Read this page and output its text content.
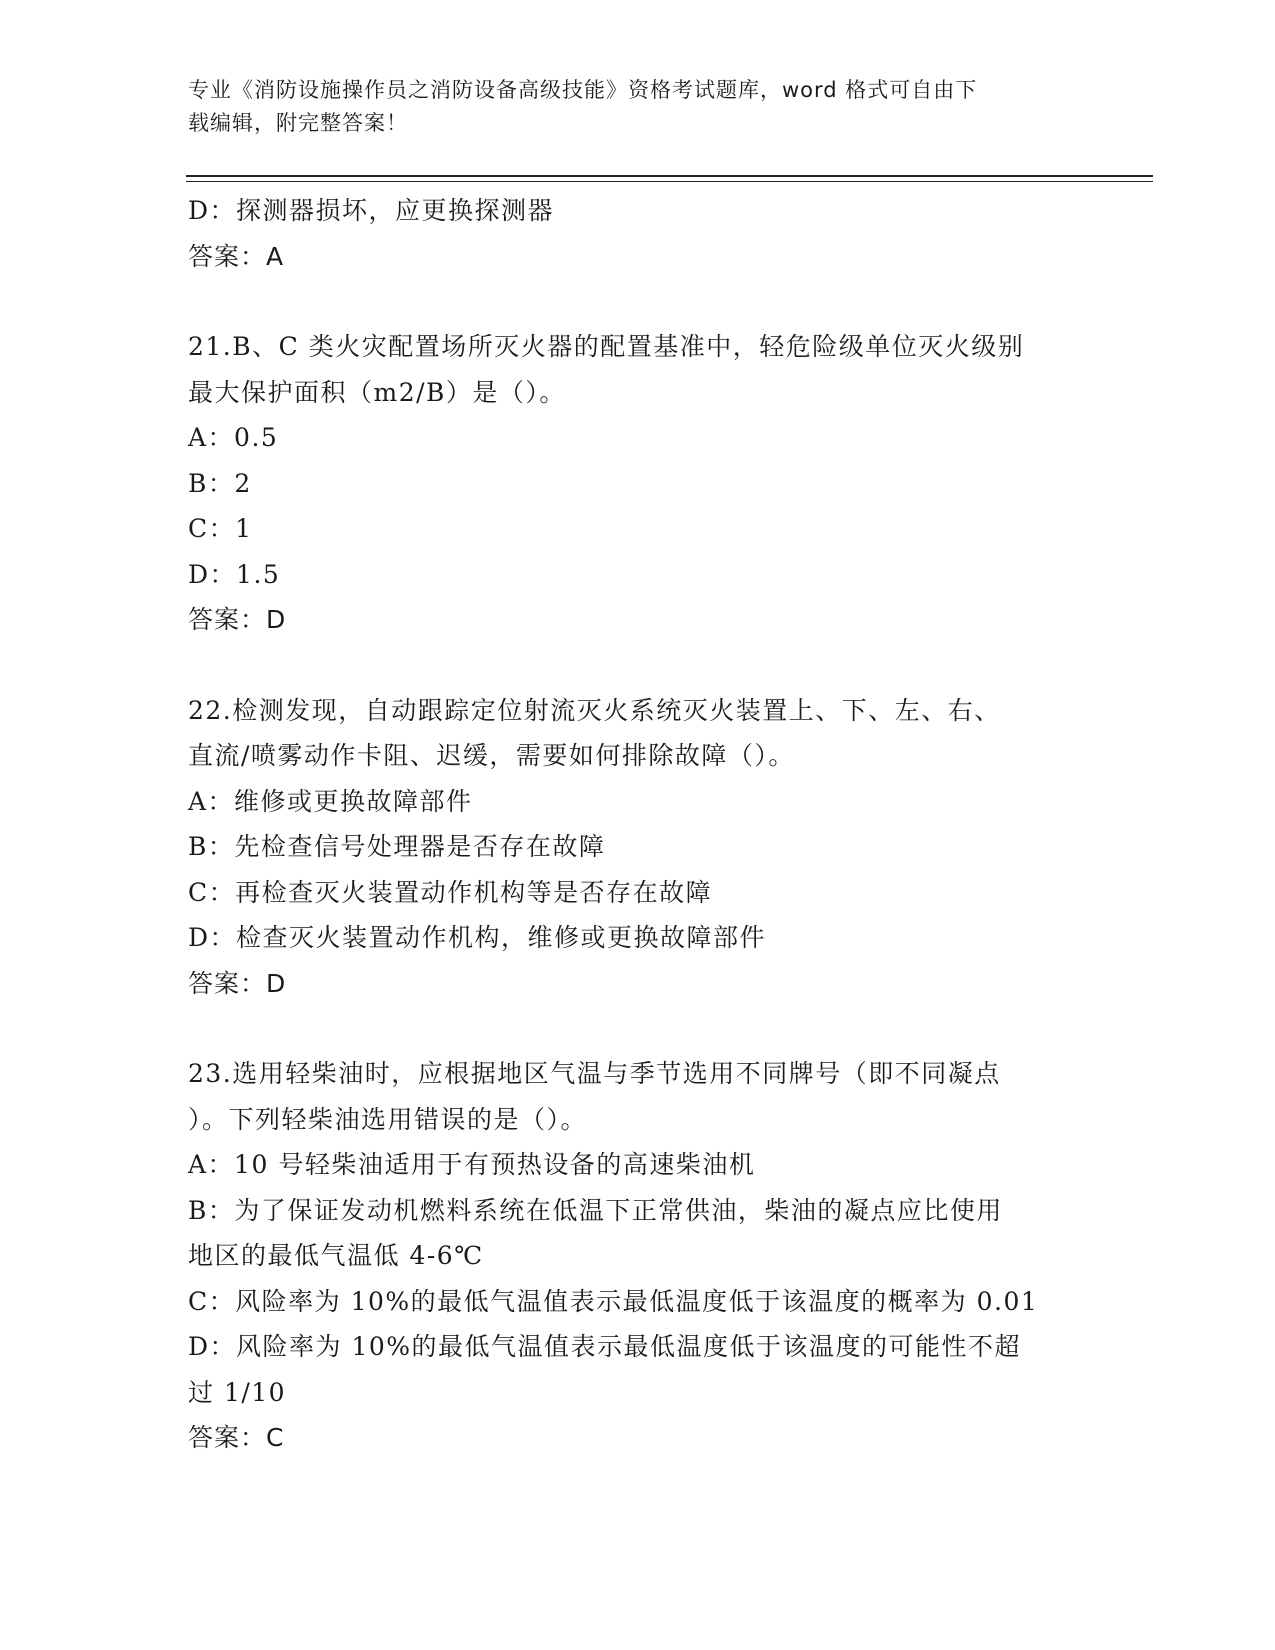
专业《消防设施操作员之消防设备高级技能》资格考试题库，word 格式可自由下
载编辑，附完整答案！
D：探测器损坏，应更换探测器
答案：A
21.B、C 类火灾配置场所灭火器的配置基准中，轻危险级单位灭火级别
最大保护面积（m2/B）是（）。
A：0.5
B：2
C：1
D：1.5
答案：D
22.检测发现，自动跟踪定位射流灭火系统灭火装置上、下、左、右、
直流/喷雾动作卡阻、迟缓，需要如何排除故障（）。
A：维修或更换故障部件
B：先检查信号处理器是否存在故障
C：再检查灭火装置动作机构等是否存在故障
D：检查灭火装置动作机构，维修或更换故障部件
答案：D
23.选用轻柴油时，应根据地区气温与季节选用不同牌号（即不同凝点
）。下列轻柴油选用错误的是（）。
A：10 号轻柴油适用于有预热设备的高速柴油机
B：为了保证发动机燃料系统在低温下正常供油，柴油的凝点应比使用
地区的最低气温低 4-6℃
C：风险率为 10%的最低气温值表示最低温度低于该温度的概率为 0.01
D：风险率为 10%的最低气温值表示最低温度低于该温度的可能性不超
过 1/10
答案：C
